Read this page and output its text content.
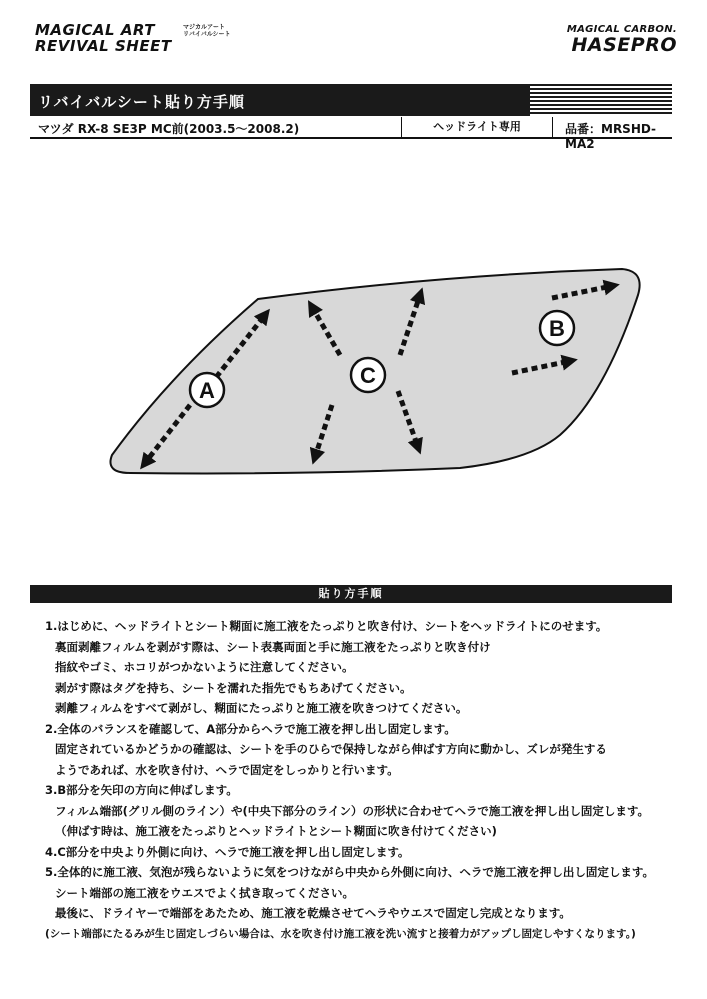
MAGICAL ART
REVIVAL SHEET
マジカルアート
リバイバルシート	MAGICAL CARBON.
HASEPRO
リバイバルシート貼り方手順
マツダ RX-8 SE3P MC前(2003.5〜2008.2)	ヘッドライト専用	品番：MRSHD-MA2
A
C
B
貼り方手順
1.はじめに、ヘッドライトとシート糊面に施工液をたっぷりと吹き付け、シートをヘッドライトにのせます。
裏面剥離フィルムを剥がす際は、シート表裏両面と手に施工液をたっぷりと吹き付け
指紋やゴミ、ホコリがつかないように注意してください。
剥がす際はタグを持ち、シートを濡れた指先でもちあげてください。
剥離フィルムをすべて剥がし、糊面にたっぷりと施工液を吹きつけてください。
2.全体のバランスを確認して、A部分からヘラで施工液を押し出し固定します。
固定されているかどうかの確認は、シートを手のひらで保持しながら伸ばす方向に動かし、ズレが発生する
ようであれば、水を吹き付け、ヘラで固定をしっかりと行います。
3.B部分を矢印の方向に伸ばします。
フィルム端部(グリル側のライン）や(中央下部分のライン）の形状に合わせてヘラで施工液を押し出し固定します。
（伸ばす時は、施工液をたっぷりとヘッドライトとシート糊面に吹き付けてください)
4.C部分を中央より外側に向け、ヘラで施工液を押し出し固定します。
5.全体的に施工液、気泡が残らないように気をつけながら中央から外側に向け、ヘラで施工液を押し出し固定します。
シート端部の施工液をウエスでよく拭き取ってください。
最後に、ドライヤーで端部をあたため、施工液を乾燥させてヘラやウエスで固定し完成となります。
(シート端部にたるみが生じ固定しづらい場合は、水を吹き付け施工液を洗い流すと接着力がアップし固定しやすくなります。)
